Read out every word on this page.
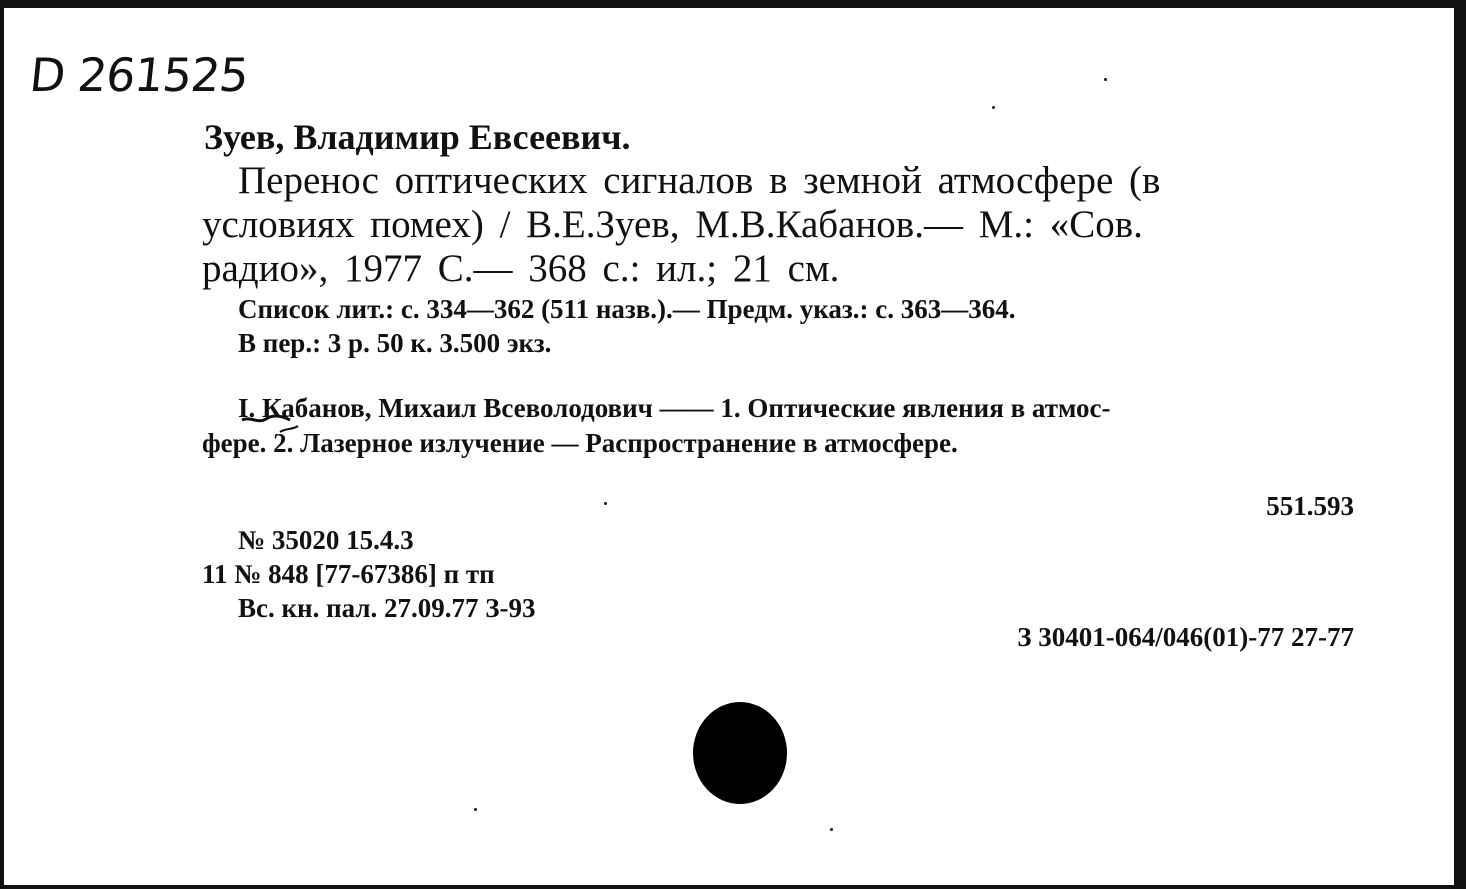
D 261525
Зуев, Владимир Евсеевич.
Перенос оптических сигналов в земной атмосфере (в
условиях помех) / В.Е.Зуев, М.В.Кабанов.— М.: «Сов.
радио», 1977 С.— 368 с.: ил.; 21 см.
Список лит.: с. 334—362 (511 назв.).— Предм. указ.: с. 363—364.
В пер.: 3 р. 50 к. 3.500 экз.
I. Кабанов, Михаил Всеволодович —— 1. Оптические явления в атмос-
фере. 2. Лазерное излучение — Распространение в атмосфере.
551.593
№ 35020 15.4.3
11 № 848 [77-67386] п тп
Вс. кн. пал. 27.09.77 З-93
З 30401-064/046(01)-77 27-77
